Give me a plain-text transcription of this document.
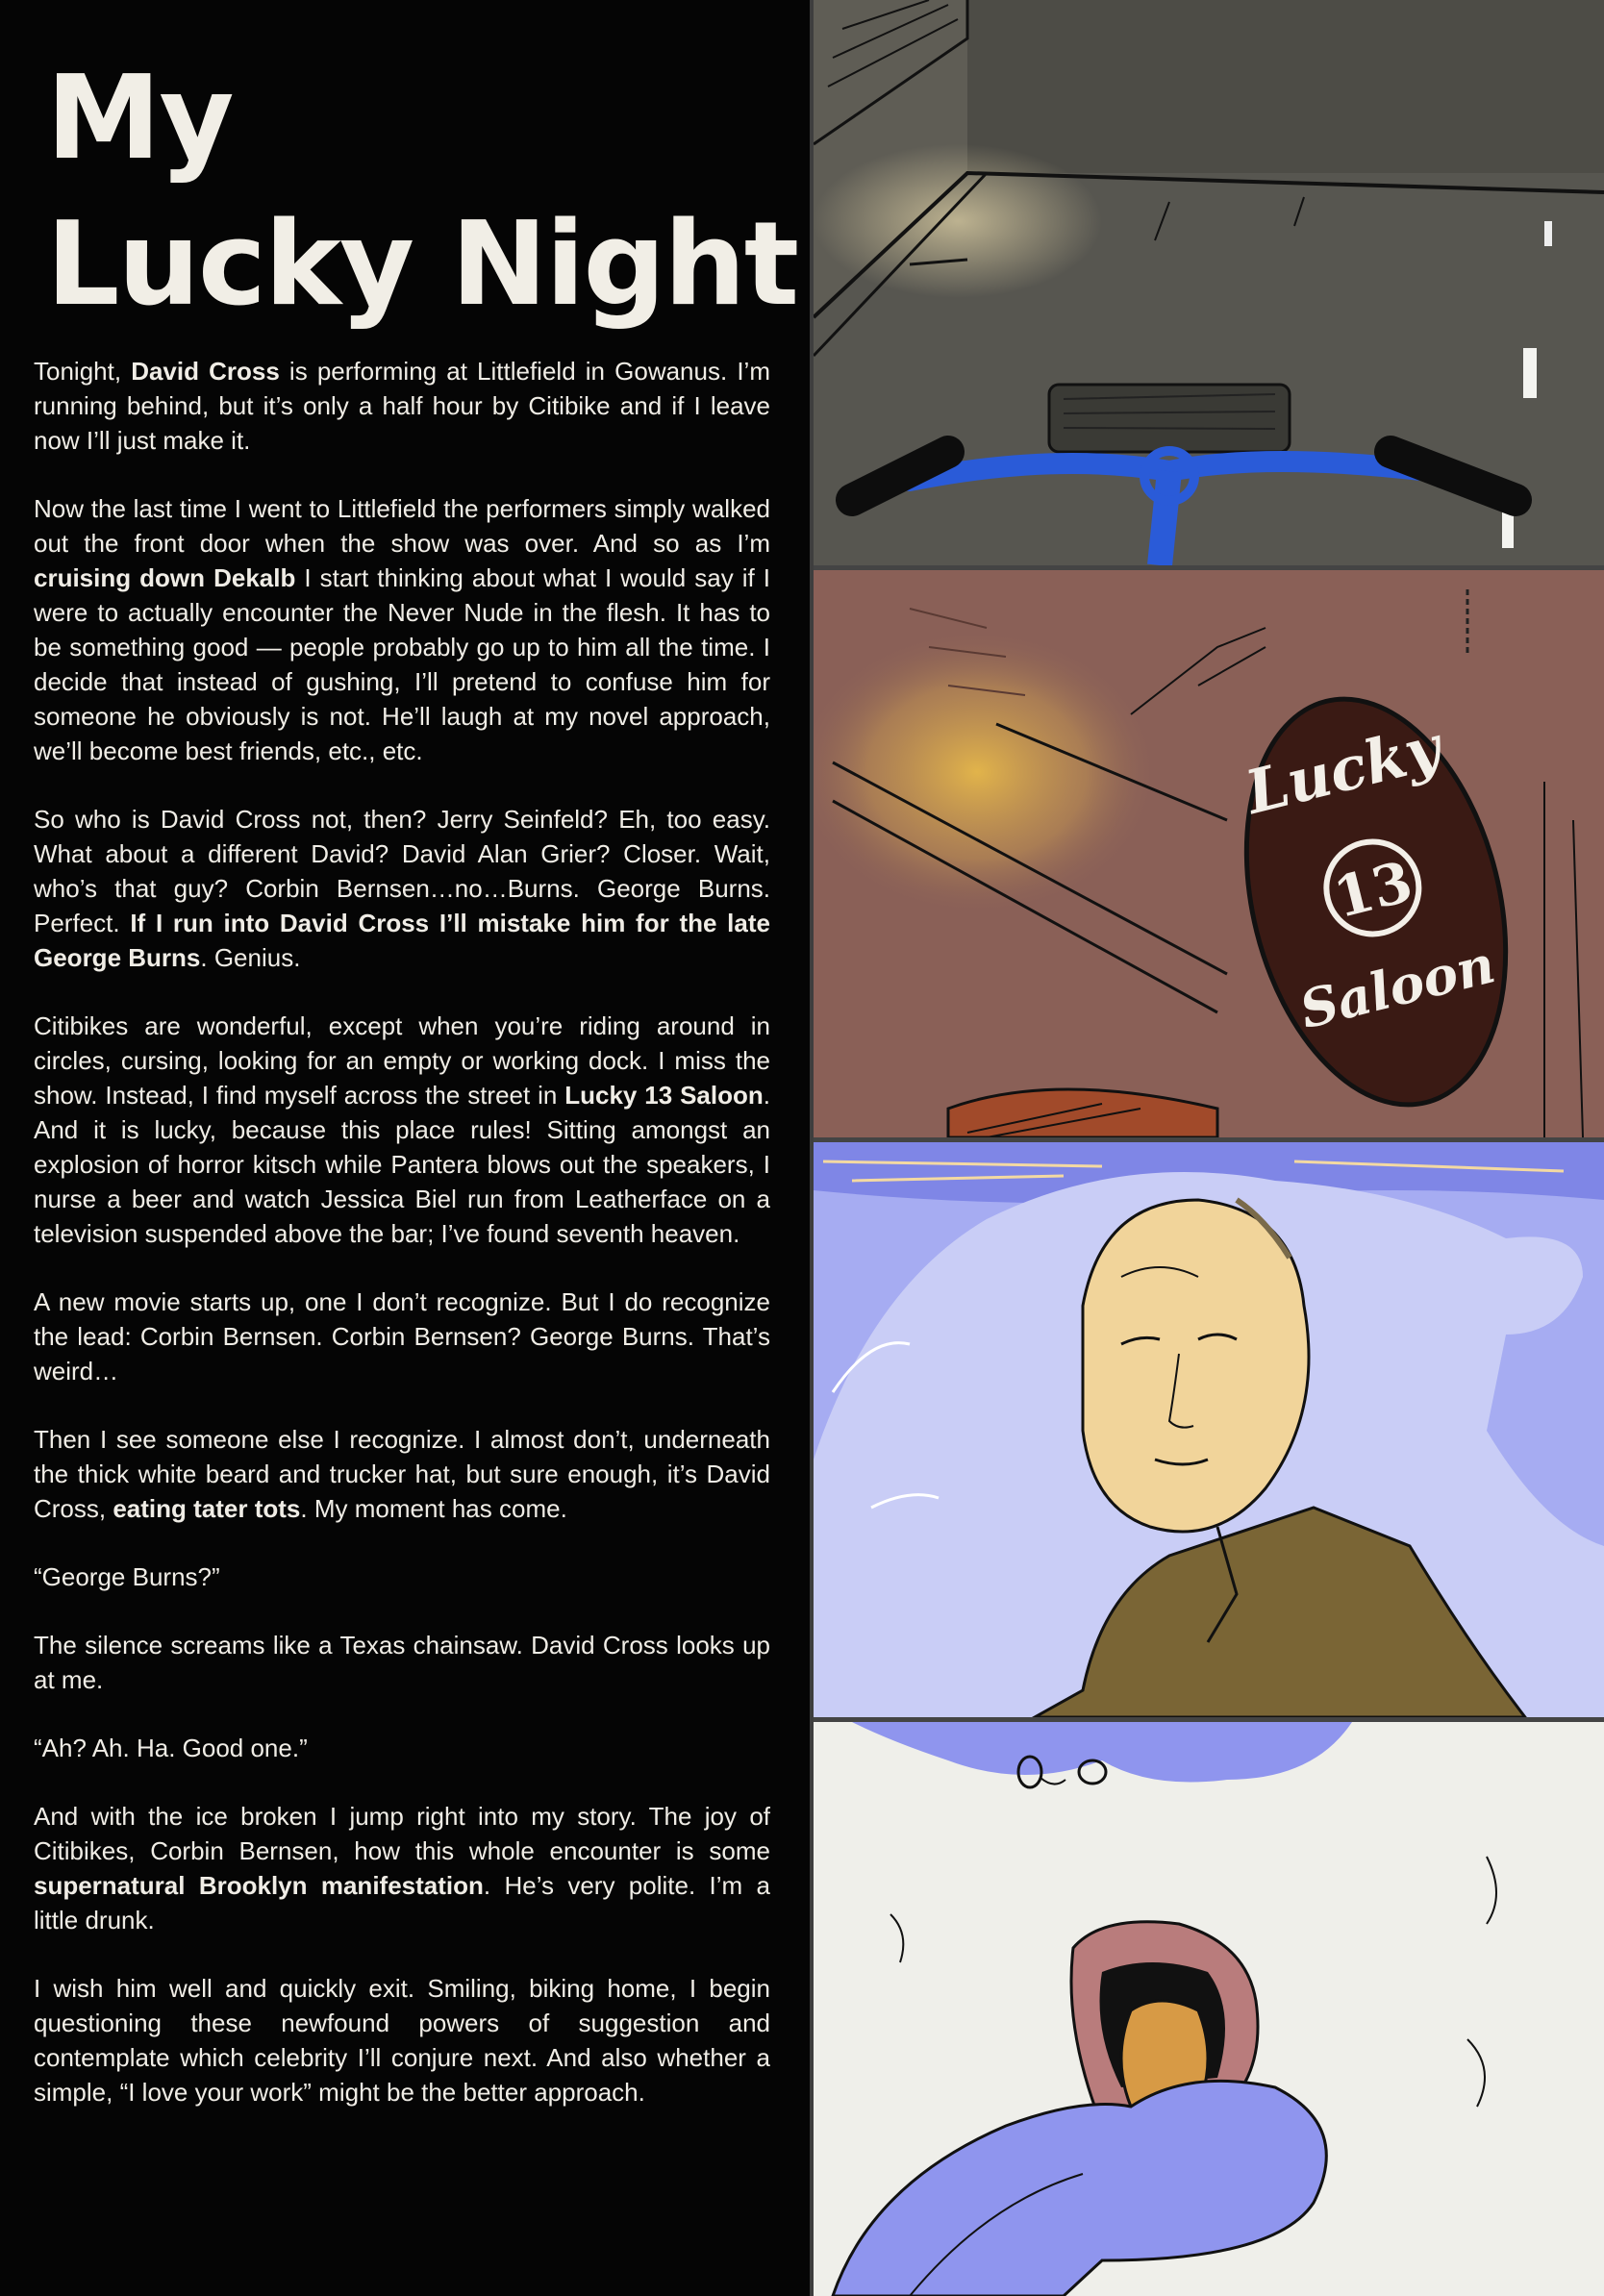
My
Lucky Night

Tonight, David Cross is performing at Littlefield in Gowanus. I’m running behind, but it’s only a half hour by Citibike and if I leave now I’ll just make it.

Now the last time I went to Littlefield the performers simply walked out the front door when the show was over. And so as I’m cruising down Dekalb I start thinking about what I would say if I were to actually encounter the Never Nude in the flesh. It has to be something good — people probably go up to him all the time. I decide that instead of gushing, I’ll pretend to confuse him for someone he obviously is not. He’ll laugh at my novel approach, we’ll become best friends, etc., etc.

So who is David Cross not, then? Jerry Seinfeld? Eh, too easy. What about a different David? David Alan Grier? Closer. Wait, who’s that guy? Corbin Bernsen…no…Burns. George Burns. Perfect. If I run into David Cross I’ll mistake him for the late George Burns. Genius.

Citibikes are wonderful, except when you’re riding around in circles, cursing, looking for an empty or working dock. I miss the show. Instead, I find myself across the street in Lucky 13 Saloon. And it is lucky, because this place rules! Sitting amongst an explosion of horror kitsch while Pantera blows out the speakers, I nurse a beer and watch Jessica Biel run from Leatherface on a television suspended above the bar; I’ve found seventh heaven.

A new movie starts up, one I don’t recognize. But I do recognize the lead: Corbin Bernsen. Corbin Bernsen? George Burns. That’s weird…

Then I see someone else I recognize. I almost don’t, underneath the thick white beard and trucker hat, but sure enough, it’s David Cross, eating tater tots. My moment has come.

“George Burns?”

The silence screams like a Texas chainsaw. David Cross looks up at me.

“Ah? Ah. Ha. Good one.”

And with the ice broken I jump right into my story. The joy of Citibikes, Corbin Bernsen, how this whole encounter is some supernatural Brooklyn manifestation. He’s very polite. I’m a little drunk.

I wish him well and quickly exit. Smiling, biking home, I begin questioning these newfound powers of suggestion and contemplate which celebrity I’ll conjure next. And also whether a simple, “I love your work” might be the better approach.

Lucky
13
Saloon
